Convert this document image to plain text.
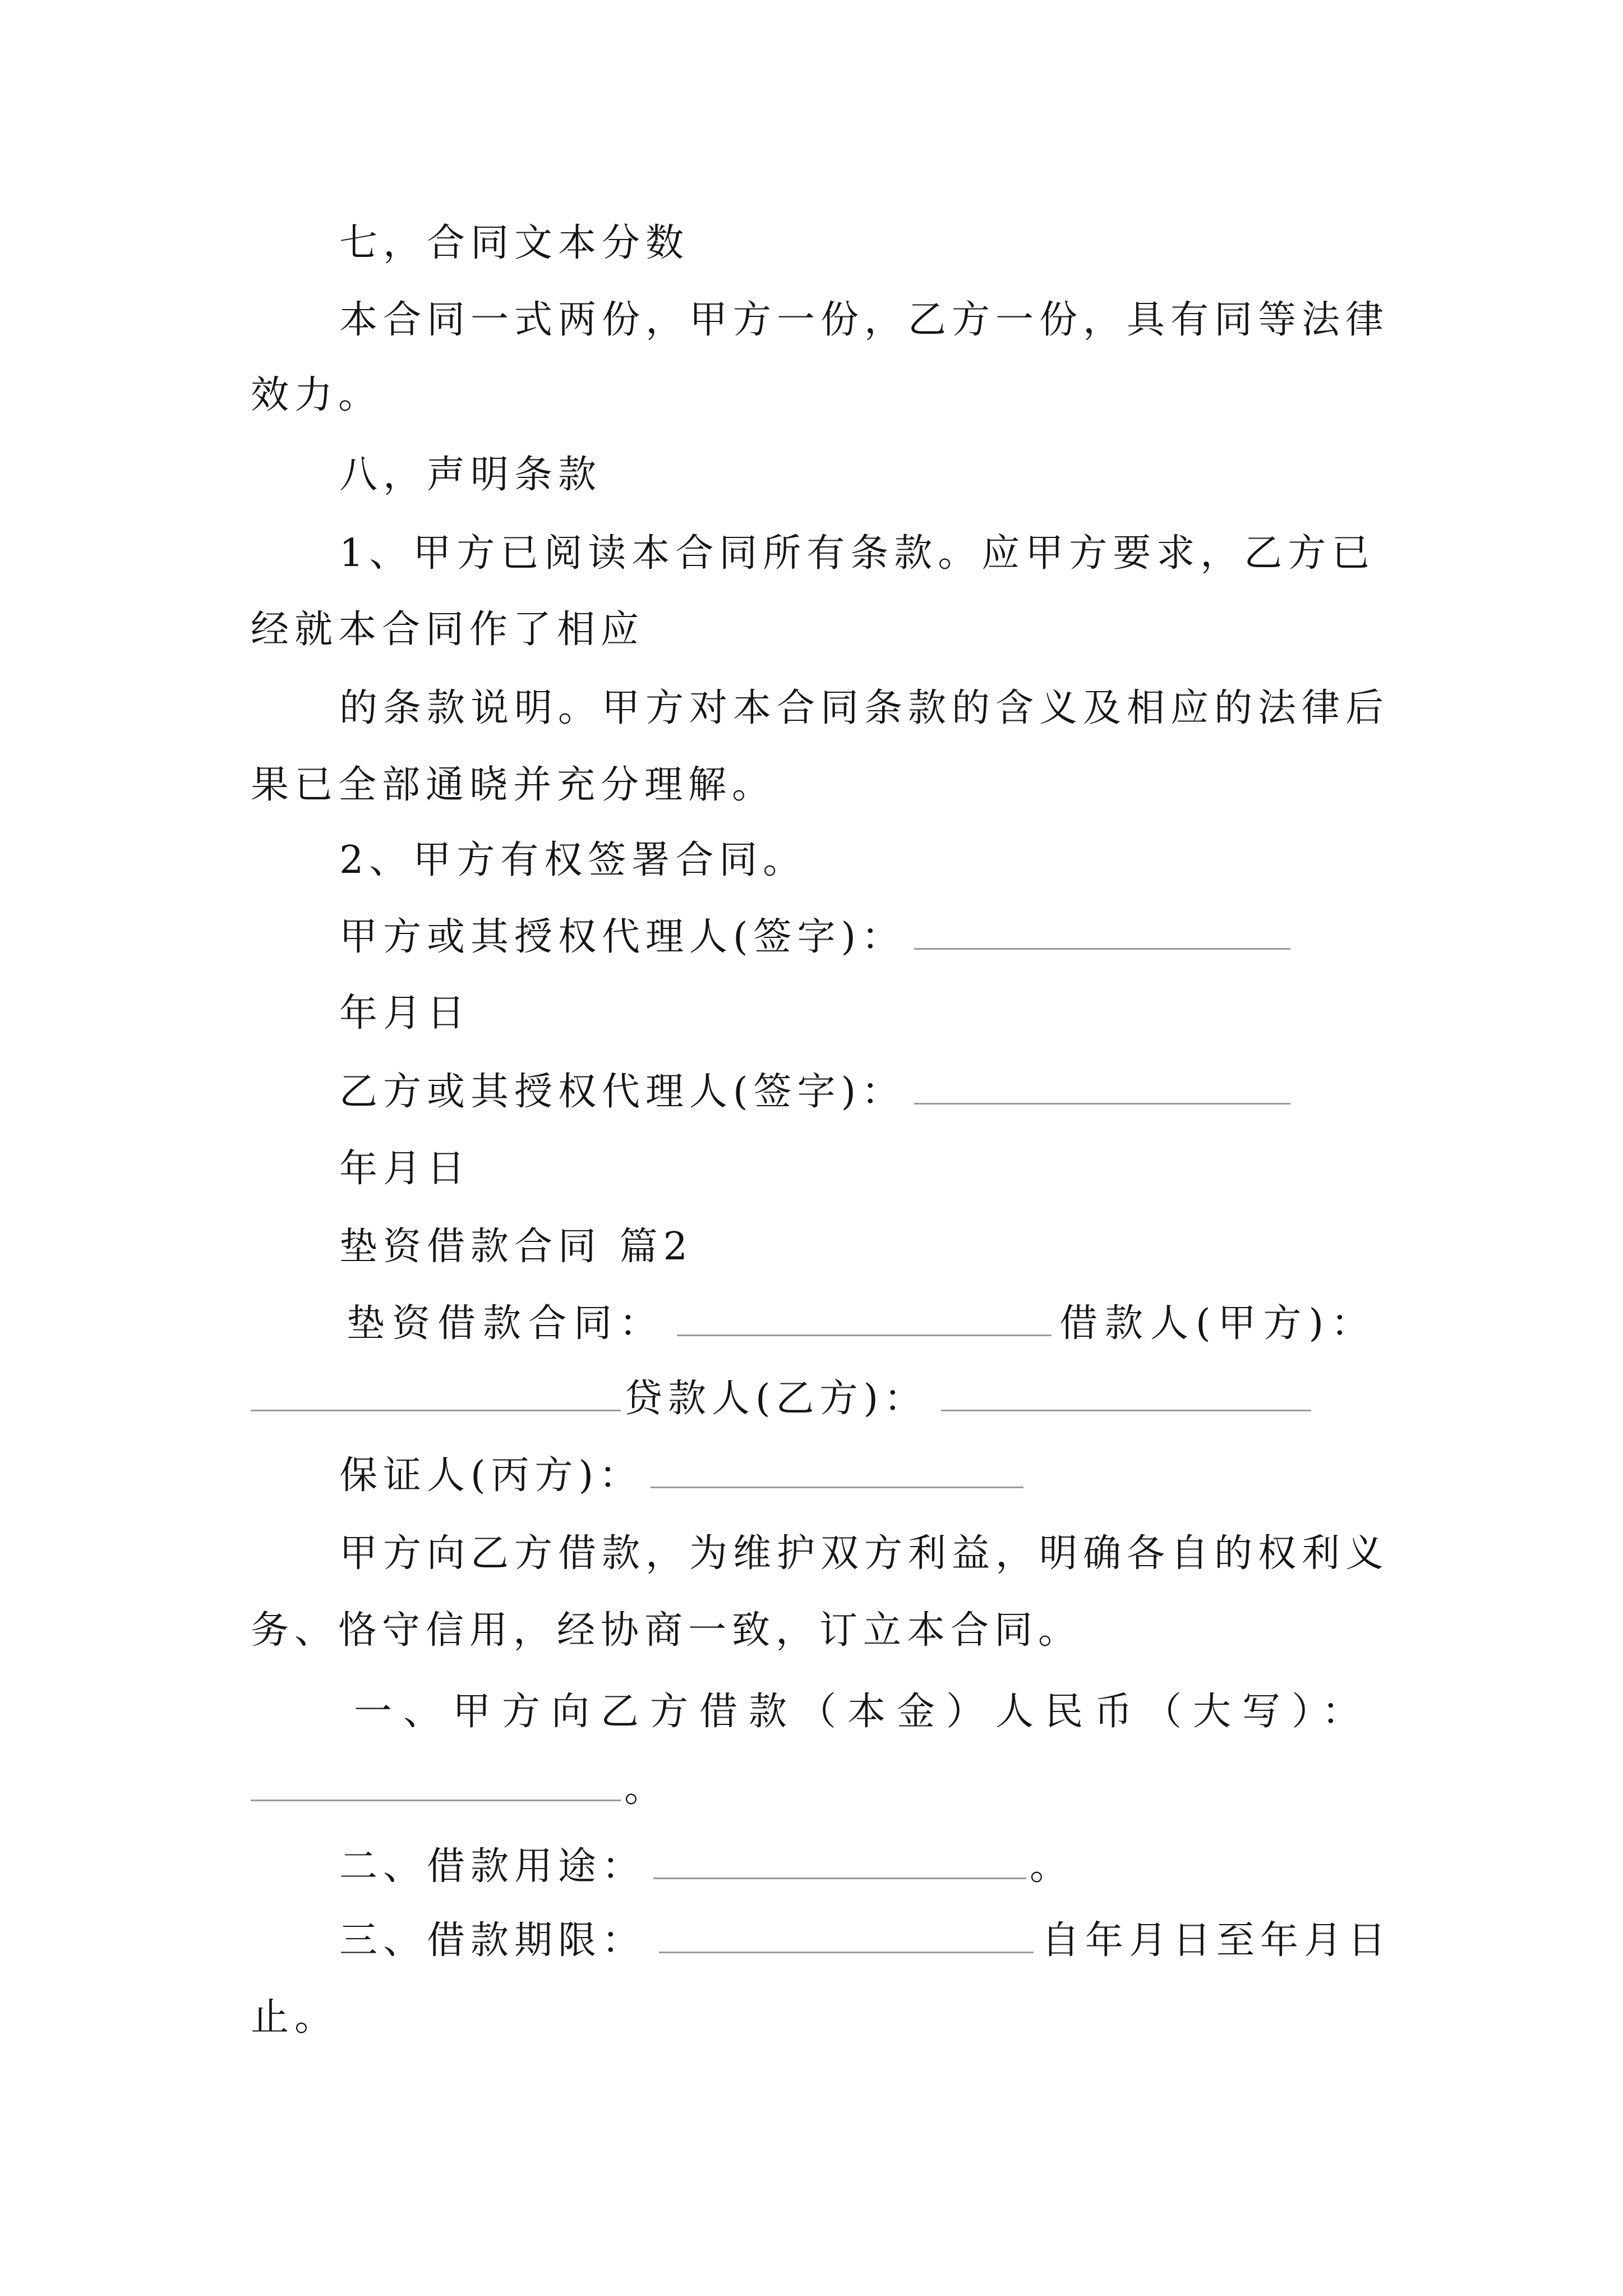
七，合同文本分数
本合同一式两份，甲方一份，乙方一份，具有同等法律
效力。
八，声明条款
1、甲方已阅读本合同所有条款。应甲方要求，乙方已
经就本合同作了相应
的条款说明。甲方对本合同条款的含义及相应的法律后
果已全部通晓并充分理解。
2、甲方有权签署合同。
甲方或其授权代理人(签字)：
年月日
乙方或其授权代理人(签字)：
年月日
垫资借款合同 篇2
垫资借款合同：	借款人(甲方)：
贷款人(乙方)：
保证人(丙方)：
甲方向乙方借款，为维护双方利益，明确各自的权利义
务、恪守信用，经协商一致，订立本合同。
一、甲方向乙方借款（本金）人民币（大写）：
。
二、借款用途：	。
三、借款期限：	自年月日至年月日
止。
